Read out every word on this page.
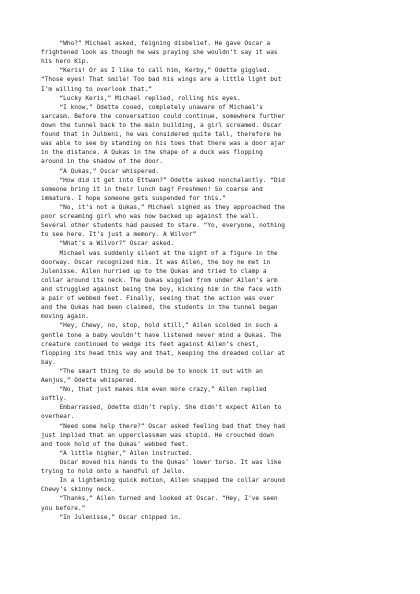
“Who?” Michael asked, feigning disbelief. He gave Oscar a
frightened look as though he was praying she wouldn’t say it was
his hero Kip.
“Keris! Or as I like to call him, Kerby,” Odette giggled.
“Those eyes! That smile! Too bad his wings are a little light but
I’m willing to overlook that.”
“Lucky Keris,” Michael replied, rolling his eyes.
“I know,” Odette cooed, completely unaware of Michael’s
sarcasm. Before the conversation could continue, somewhere further
down the tunnel back to the main building, a girl screamed. Oscar
found that in Julbeni, he was considered quite tall, therefore he
was able to see by standing on his toes that there was a door ajar
in the distance. A Qukas in the shape of a duck was flopping
around in the shadow of the door.
“A Qukas,” Oscar whispered.
“How did it get into Ettwan?” Odette asked nonchalantly. “Did
someone bring it in their lunch bag? Freshmen! So coarse and
immature. I hope someone gets suspended for this.”
“No, it’s not a Qukas,” Michael sighed as they approached the
poor screaming girl who was now backed up against the wall.
Several other students had paused to stare. “Yo, everyone, nothing
to see here. It’s just a memory. A Wilvor”
“What’s a Wilvor?” Oscar asked.
Michael was suddenly silent at the sight of a figure in the
doorway. Oscar recognized him. It was Ailen, the boy he met in
Julenisse. Ailen hurried up to the Qukas and tried to clamp a
collar around its neck. The Qukas wiggled from under Ailen’s arm
and struggled against being the boy, kicking him in the face with
a pair of webbed feet. Finally, seeing that the action was over
and the Qukas had been claimed, the students in the tunnel began
moving again.
“Hey, Chewy, no, stop, hold still,” Ailen scolded in such a
gentle tone a baby wouldn’t have listened never mind a Qukas. The
creature continued to wedge its feet against Ailen’s chest,
flopping its head this way and that, keeping the dreaded collar at
bay.
“The smart thing to do would be to knock it out with an
Aenjus,” Odette whispered.
“No, that just makes him even more crazy,” Ailen replied
softly.
Embarrassed, Odette didn’t reply. She didn’t expect Ailen to
overhear.
“Need some help there?” Oscar asked feeling bad that they had
just implied that an upperclassman was stupid. He crouched down
and took hold of the Qukas’ webbed feet.
“A little higher,” Ailen instructed.
Oscar moved his hands to the Qukas’ lower torso. It was like
trying to hold onto a handful of Jello.
In a lightening quick motion, Ailen snapped the collar around
Chewy’s skinny neck.
“Thanks,” Ailen turned and looked at Oscar. “Hey, I’ve seen
you before.”
“In Julenisse,” Oscar chipped in.
